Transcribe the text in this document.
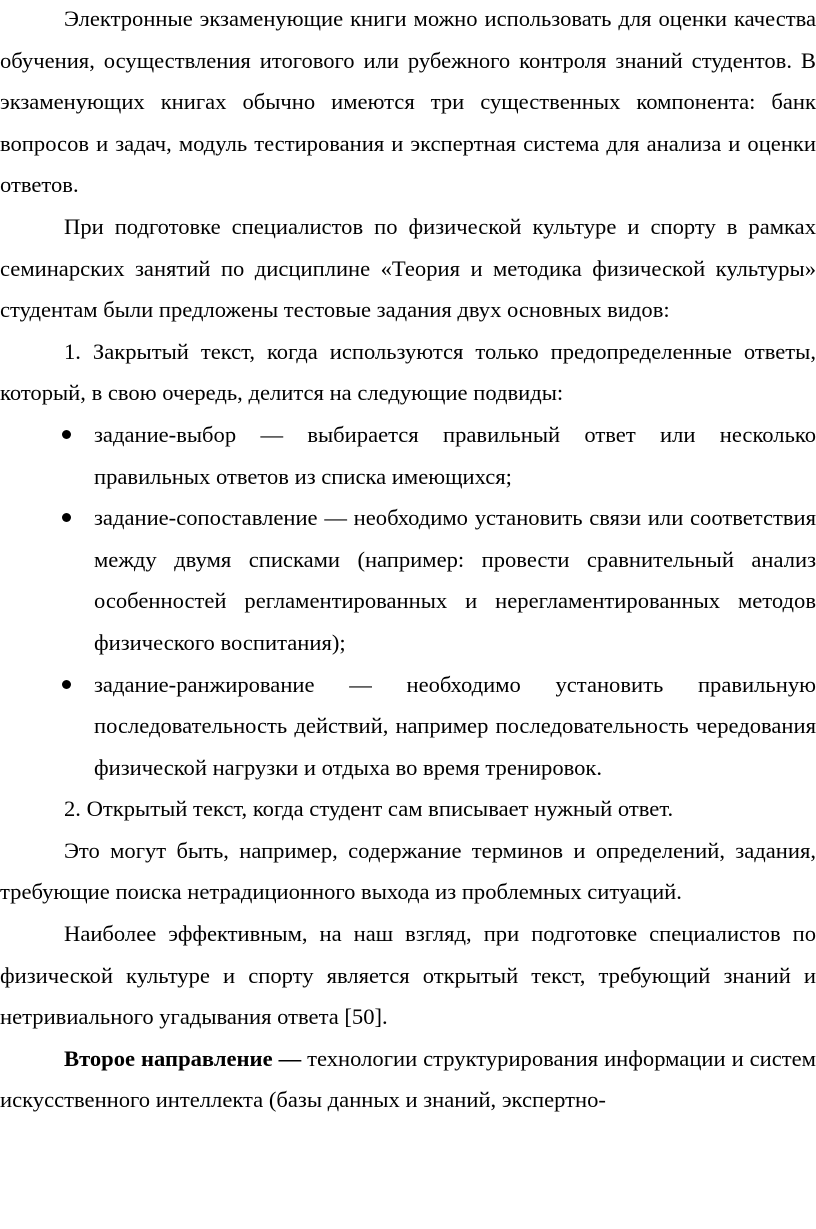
Электронные экзаменующие книги можно использовать для оценки качества обучения, осуществления итогового или рубежного контроля знаний студентов. В экзаменующих книгах обычно имеются три существенных компонента: банк вопросов и задач, модуль тестирования и экспертная система для анализа и оценки ответов.

При подготовке специалистов по физической культуре и спорту в рамках семинарских занятий по дисциплине «Теория и методика физической культуры» студентам были предложены тестовые задания двух основных видов:

1. Закрытый текст, когда используются только предопределенные ответы, который, в свою очередь, делится на следующие подвиды:

задание-выбор — выбирается правильный ответ или несколько правильных ответов из списка имеющихся;
задание-сопоставление — необходимо установить связи или соответствия между двумя списками (например: провести сравнительный анализ особенностей регламентированных и нерегламентированных методов физического воспитания);
задание-ранжирование — необходимо установить правильную последовательность действий, например последовательность чередования физической нагрузки и отдыха во время тренировок.

2. Открытый текст, когда студент сам вписывает нужный ответ.

Это могут быть, например, содержание терминов и определений, задания, требующие поиска нетрадиционного выхода из проблемных ситуаций.

Наиболее эффективным, на наш взгляд, при подготовке специалистов по физической культуре и спорту является открытый текст, требующий знаний и нетривиального угадывания ответа [50].

Второе направление — технологии структурирования информации и систем искусственного интеллекта (базы данных и знаний, экспертно-
